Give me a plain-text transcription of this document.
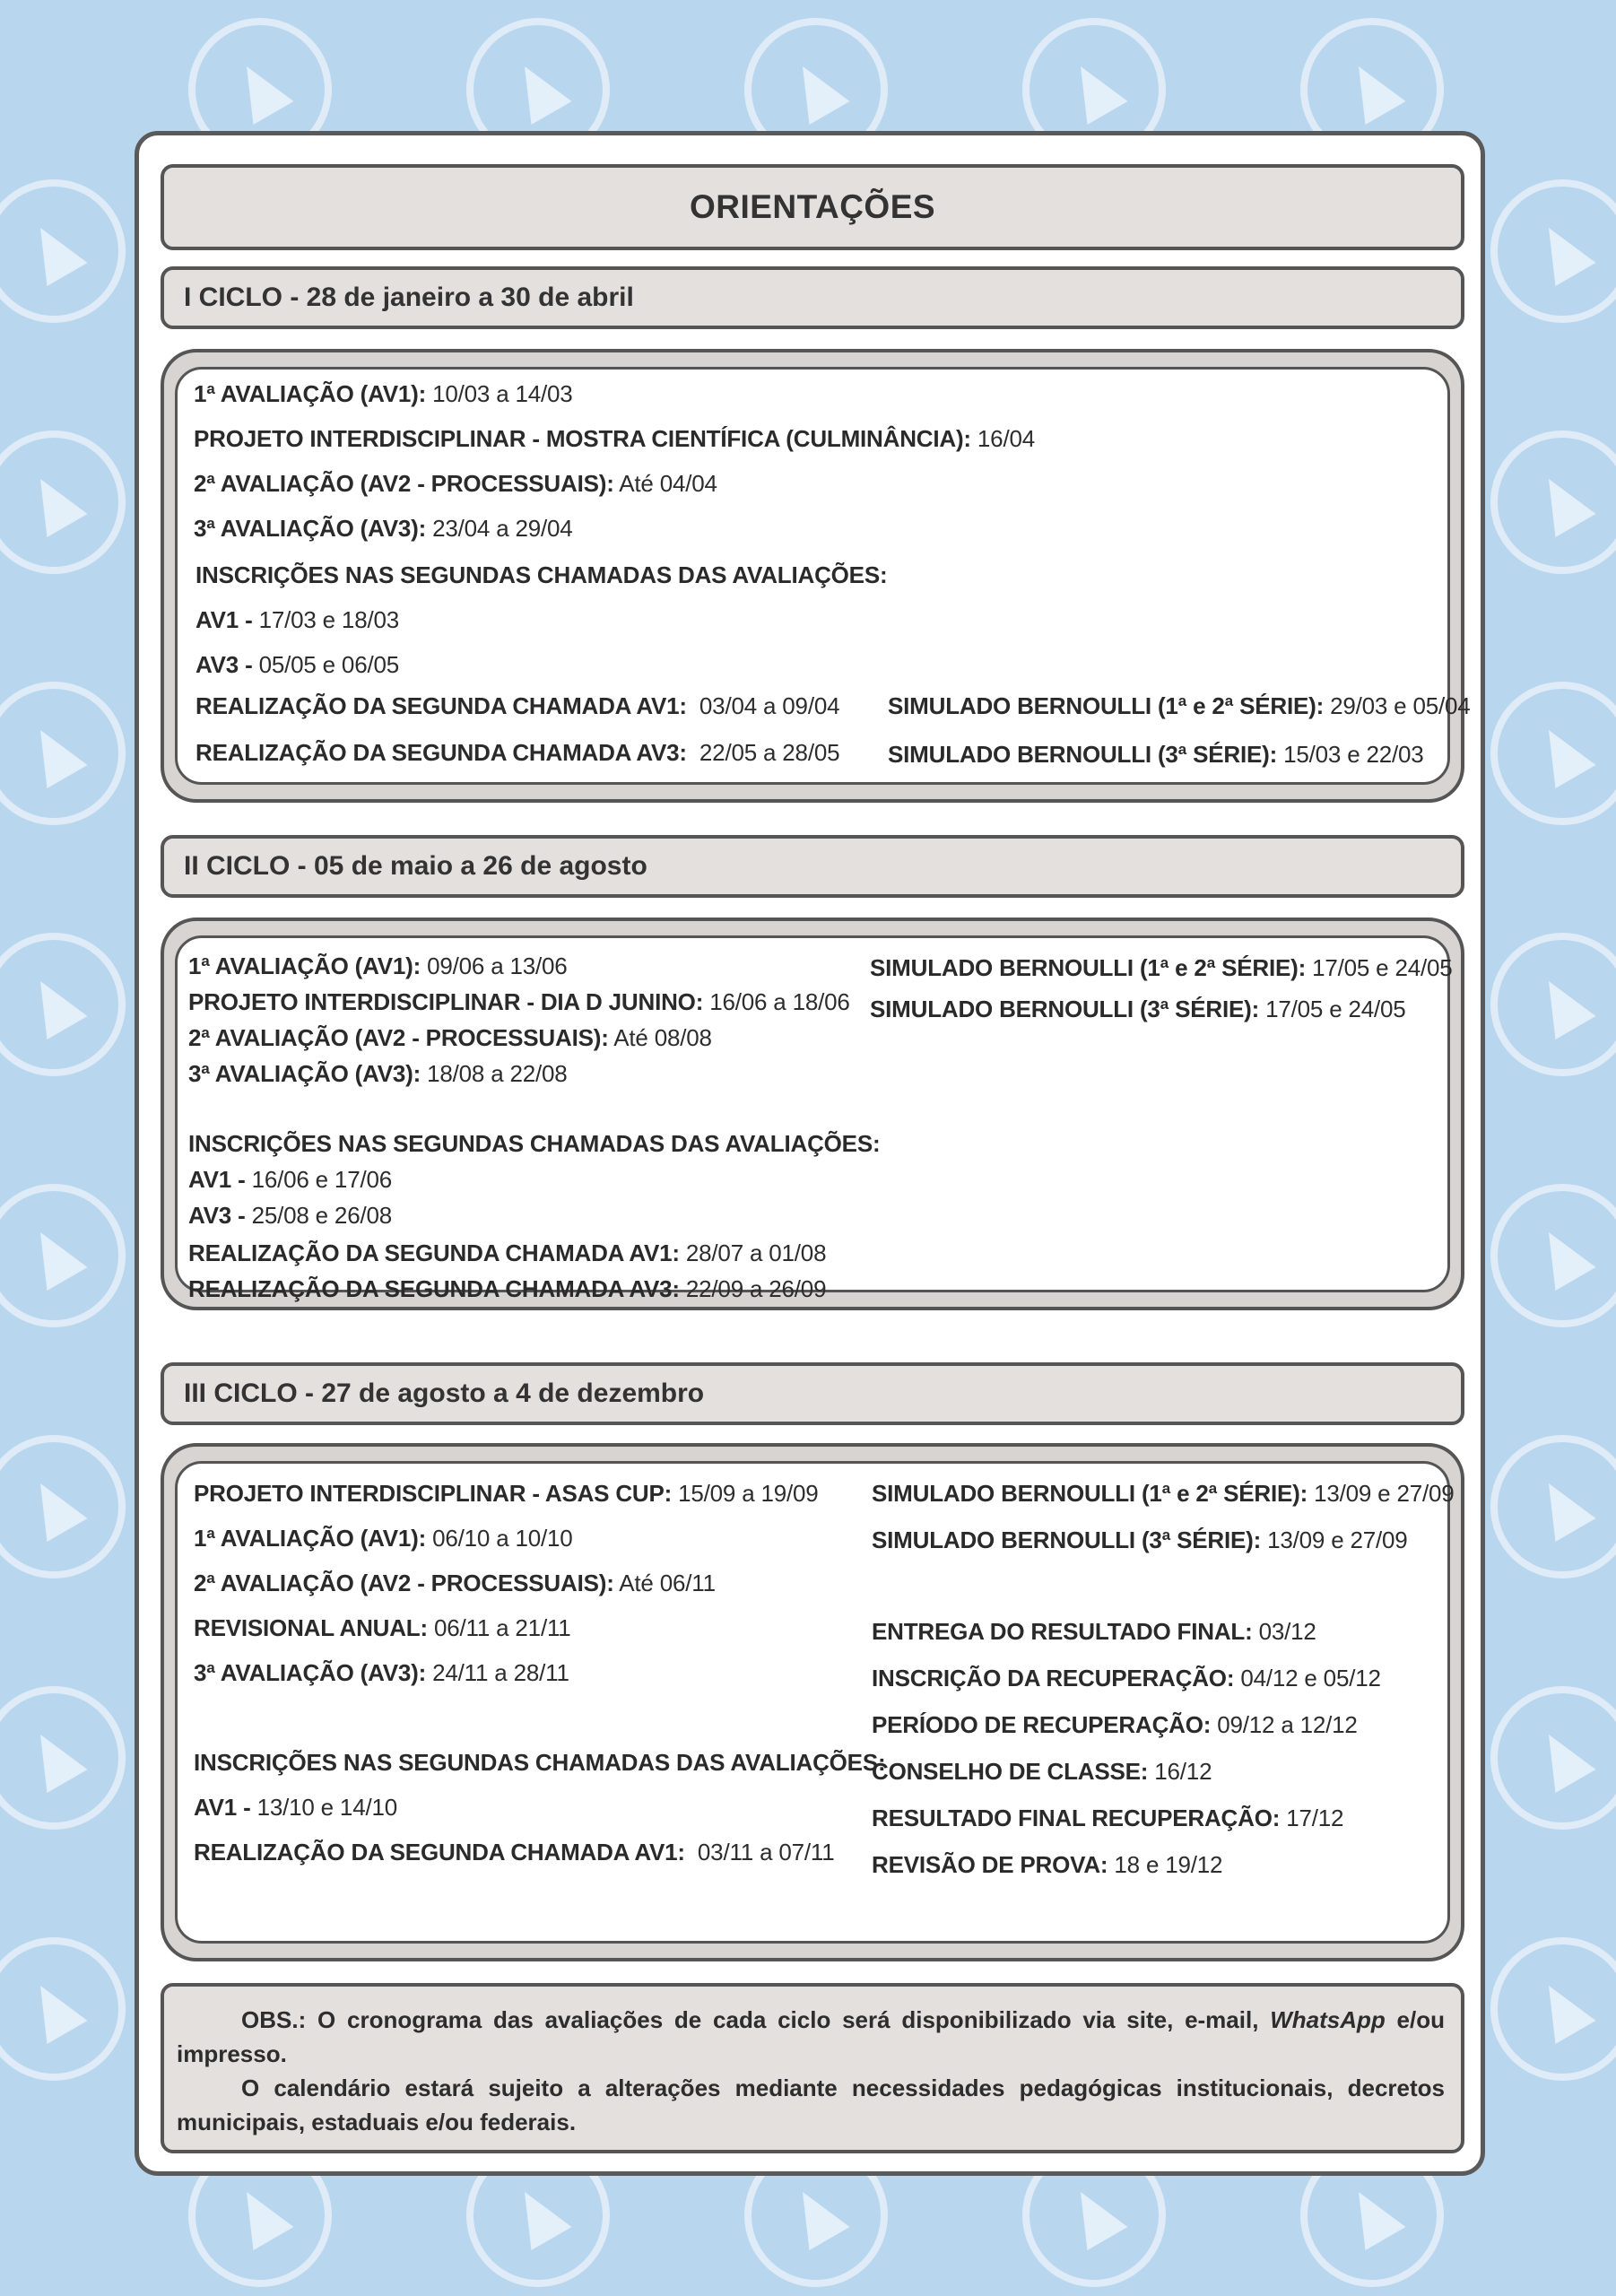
ORIENTAÇÕES
I CICLO - 28 de janeiro a 30 de abril
1ª AVALIAÇÃO (AV1): 10/03 a 14/03
PROJETO INTERDISCIPLINAR - MOSTRA CIENTÍFICA (CULMINÂNCIA): 16/04
2ª AVALIAÇÃO (AV2 - PROCESSUAIS): Até 04/04
3ª AVALIAÇÃO (AV3): 23/04 a 29/04
INSCRIÇÕES NAS SEGUNDAS CHAMADAS DAS AVALIAÇÕES:
AV1 - 17/03 e 18/03
AV3 - 05/05 e 06/05
REALIZAÇÃO DA SEGUNDA CHAMADA AV1: 03/04 a 09/04
REALIZAÇÃO DA SEGUNDA CHAMADA AV3: 22/05 a 28/05
SIMULADO BERNOULLI (1ª e 2ª SÉRIE): 29/03 e 05/04
SIMULADO BERNOULLI (3ª SÉRIE): 15/03 e 22/03
II CICLO - 05 de maio a 26 de agosto
1ª AVALIAÇÃO (AV1): 09/06 a 13/06
PROJETO INTERDISCIPLINAR - DIA D JUNINO: 16/06 a 18/06
2ª AVALIAÇÃO (AV2 - PROCESSUAIS): Até 08/08
3ª AVALIAÇÃO (AV3): 18/08 a 22/08
INSCRIÇÕES NAS SEGUNDAS CHAMADAS DAS AVALIAÇÕES:
AV1 - 16/06 e 17/06
AV3 - 25/08 e 26/08
REALIZAÇÃO DA SEGUNDA CHAMADA AV1: 28/07 a 01/08
REALIZAÇÃO DA SEGUNDA CHAMADA AV3: 22/09 a 26/09
SIMULADO BERNOULLI (1ª e 2ª SÉRIE): 17/05 e 24/05
SIMULADO BERNOULLI (3ª SÉRIE): 17/05 e 24/05
III CICLO - 27 de agosto a 4 de dezembro
PROJETO INTERDISCIPLINAR - ASAS CUP: 15/09 a 19/09
1ª AVALIAÇÃO (AV1): 06/10 a 10/10
2ª AVALIAÇÃO (AV2 - PROCESSUAIS): Até 06/11
REVISIONAL ANUAL: 06/11 a 21/11
3ª AVALIAÇÃO (AV3): 24/11 a 28/11
INSCRIÇÕES NAS SEGUNDAS CHAMADAS DAS AVALIAÇÕES:
AV1 - 13/10 e 14/10
REALIZAÇÃO DA SEGUNDA CHAMADA AV1: 03/11 a 07/11
SIMULADO BERNOULLI (1ª e 2ª SÉRIE): 13/09 e 27/09
SIMULADO BERNOULLI (3ª SÉRIE): 13/09 e 27/09
ENTREGA DO RESULTADO FINAL: 03/12
INSCRIÇÃO DA RECUPERAÇÃO: 04/12 e 05/12
PERÍODO DE RECUPERAÇÃO: 09/12 a 12/12
CONSELHO DE CLASSE: 16/12
RESULTADO FINAL RECUPERAÇÃO: 17/12
REVISÃO DE PROVA: 18 e 19/12

OBS.: O cronograma das avaliações de cada ciclo será disponibilizado via site, e-mail, WhatsApp e/ou impresso.

O calendário estará sujeito a alterações mediante necessidades pedagógicas institucionais, decretos municipais, estaduais e/ou federais.
